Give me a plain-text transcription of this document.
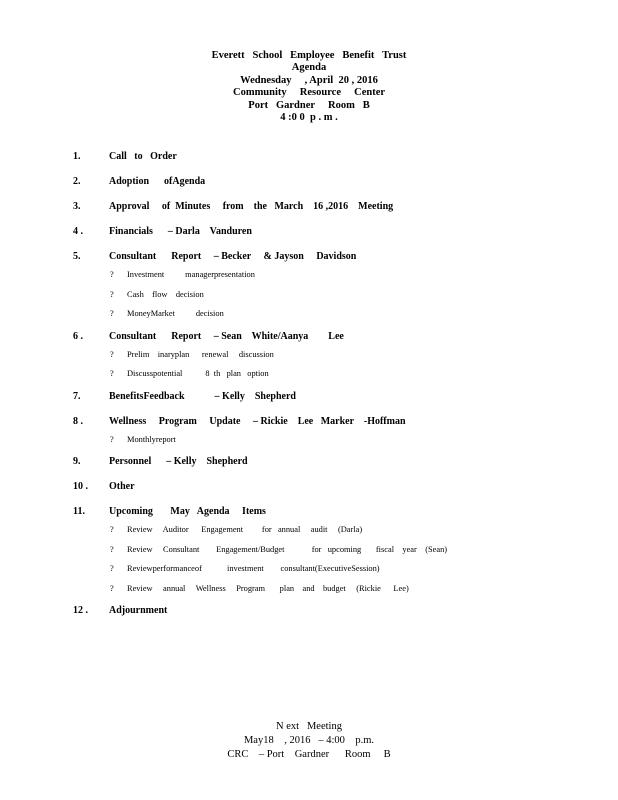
Everett   School   Employee   Benefit   Trust
Agenda
Wednesday     , April  20 , 2016
Community     Resource     Center
Port   Gardner     Room   B
4 :0 0  p . m .
1.	Call   to   Order
2.	Adoption      ofAgenda
3.	Approval     of  Minutes     from    the   March    16 ,2016    Meeting
4 .	Financials      – Darla    Vanduren
5.	Consultant      Report     – Becker     & Jayson     Davidson
? Investment          managerpresentation
? Cash    flow    decision
? MoneyMarket          decision
6 .	Consultant      Report     – Sean    White/Aanya        Lee
? Prelim    inaryplan      renewal     discussion
? Discusspotential           8  th   plan   option
7.	BenefitsFeedback            – Kelly    Shepherd
8 .	Wellness     Program     Update     – Rickie    Lee   Marker    -Hoffman
? Monthlyreport
9.	Personnel      – Kelly    Shepherd
10 . Other
11. Upcoming       May   Agenda     Items
? Review     Auditor      Engagement         for   annual     audit     (Darla)
? Review     Consultant        Engagement/Budget             for   upcoming       fiscal    year    (Sean)
? Reviewperformanceof            investment        consultant(ExecutiveSession)
? Review     annual     Wellness     Program       plan    and    budget     (Rickie      Lee)
12 . Adjournment
N ext   Meeting
May18    , 2016   – 4:00    p.m.
CRC    – Port    Gardner      Room     B
